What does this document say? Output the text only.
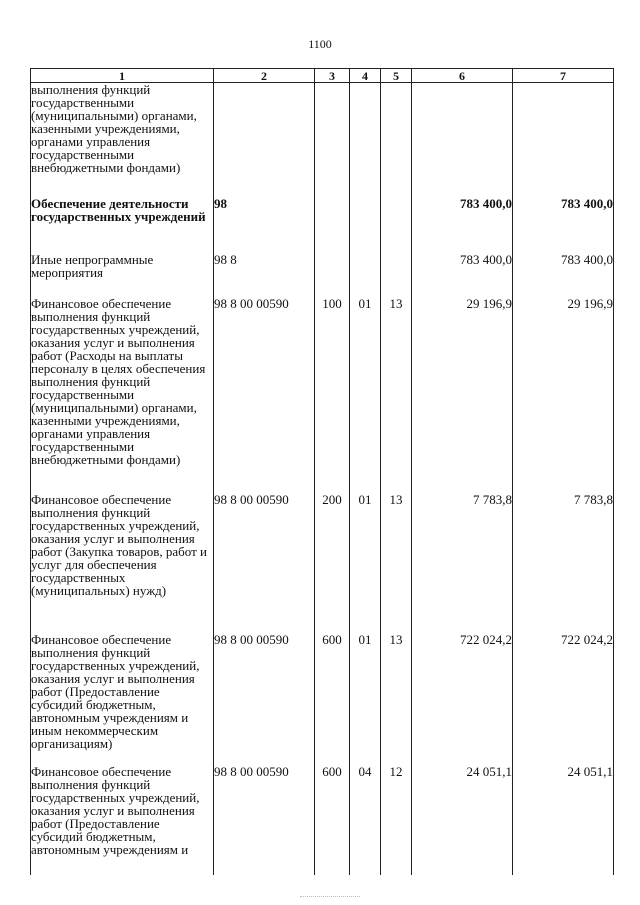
1100
1	2	3	4	5	6	7
выполнения функций государственными (муниципальными) органами, казенными учреждениями, органами управления государственными внебюджетными фондами)						
Обеспечение деятельности государственных учреждений	98				783 400,0	783 400,0
Иные непрограммные мероприятия	98 8				783 400,0	783 400,0
Финансовое обеспечение выполнения функций государственных учреждений, оказания услуг и выполнения работ (Расходы на выплаты персоналу в целях обеспечения выполнения функций государственными (муниципальными) органами, казенными учреждениями, органами управления государственными внебюджетными фондами)	98 8 00 00590	100	01	13	29 196,9	29 196,9
Финансовое обеспечение выполнения функций государственных учреждений, оказания услуг и выполнения работ (Закупка товаров, работ и услуг для обеспечения государственных (муниципальных) нужд)	98 8 00 00590	200	01	13	7 783,8	7 783,8
Финансовое обеспечение выполнения функций государственных учреждений, оказания услуг и выполнения работ (Предоставление субсидий бюджетным, автономным учреждениям и иным некоммерческим организациям)	98 8 00 00590	600	01	13	722 024,2	722 024,2
Финансовое обеспечение выполнения функций государственных учреждений, оказания услуг и выполнения работ (Предоставление субсидий бюджетным, автономным учреждениям и	98 8 00 00590	600	04	12	24 051,1	24 051,1
